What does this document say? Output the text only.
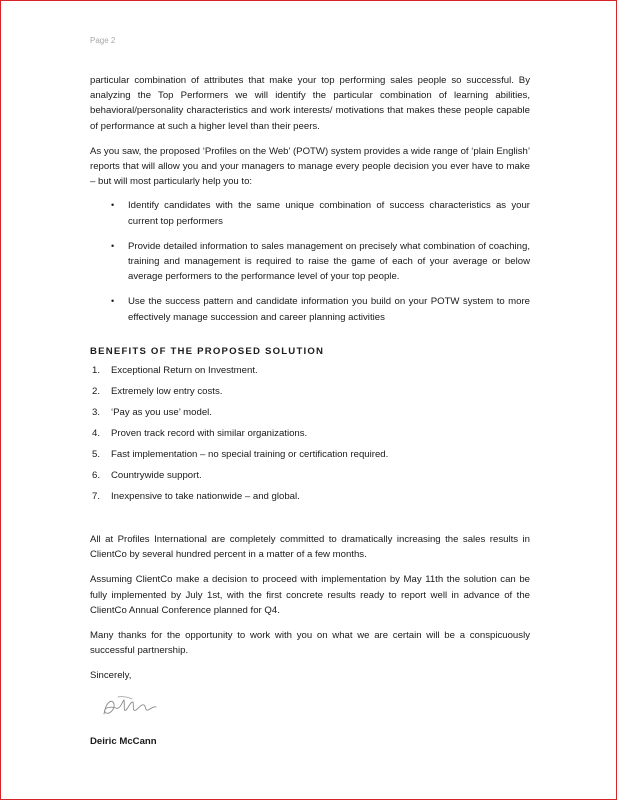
Page 2

particular combination of attributes that make your top performing sales people so successful. By analyzing the Top Performers we will identify the particular combination of learning abilities, behavioral/personality characteristics and work interests/ motivations that makes these people capable of performance at such a higher level than their peers.

As you saw, the proposed ‘Profiles on the Web’ (POTW) system provides a wide range of ‘plain English’ reports that will allow you and your managers to manage every people decision you ever have to make – but will most particularly help you to:

• Identify candidates with the same unique combination of success characteristics as your current top performers
• Provide detailed information to sales management on precisely what combination of coaching, training and management is required to raise the game of each of your average or below average performers to the performance level of your top people.
• Use the success pattern and candidate information you build on your POTW system to more effectively manage succession and career planning activities
BENEFITS OF THE PROPOSED SOLUTION
1. Exceptional Return on Investment.
2. Extremely low entry costs.
3. ‘Pay as you use’ model.
4. Proven track record with similar organizations.
5. Fast implementation – no special training or certification required.
6. Countrywide support.
7. Inexpensive to take nationwide – and global.

All at Profiles International are completely committed to dramatically increasing the sales results in ClientCo by several hundred percent in a matter of a few months.

Assuming ClientCo make a decision to proceed with implementation by May 11th the solution can be fully implemented by July 1st, with the first concrete results ready to report well in advance of the ClientCo Annual Conference planned for Q4.

Many thanks for the opportunity to work with you on what we are certain will be a conspicuously successful partnership.

Sincerely,

Deiric McCann
